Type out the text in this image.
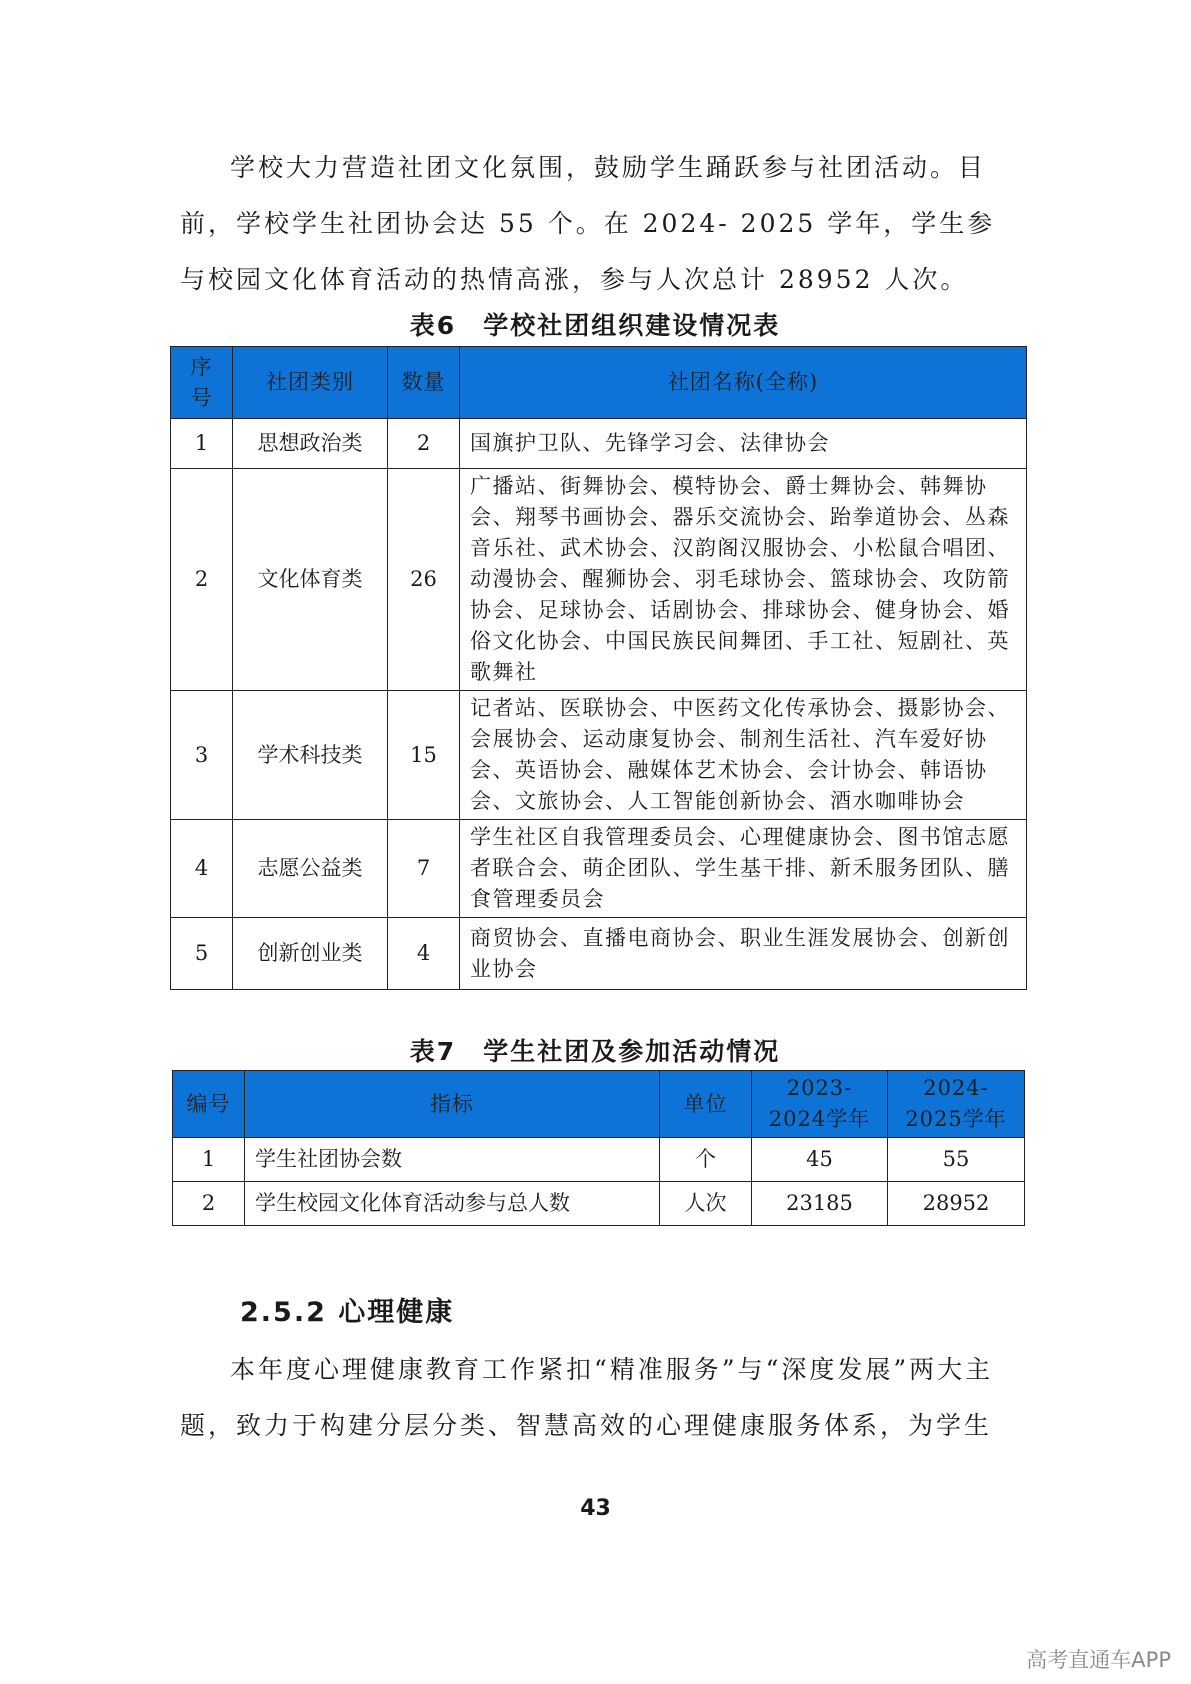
学校大力营造社团文化氛围，鼓励学生踊跃参与社团活动。目前，学校学生社团协会达 55 个。在 2024- 2025 学年，学生参与校园文化体育活动的热情高涨，参与人次总计 28952 人次。

表6　学校社团组织建设情况表
序号	社团类别	数量	社团名称(全称)
1	思想政治类	2	国旗护卫队、先锋学习会、法律协会
2	文化体育类	26	广播站、街舞协会、模特协会、爵士舞协会、韩舞协会、翔琴书画协会、器乐交流协会、跆拳道协会、丛森音乐社、武术协会、汉韵阁汉服协会、小松鼠合唱团、动漫协会、醒狮协会、羽毛球协会、篮球协会、攻防箭协会、足球协会、话剧协会、排球协会、健身协会、婚俗文化协会、中国民族民间舞团、手工社、短剧社、英歌舞社
3	学术科技类	15	记者站、医联协会、中医药文化传承协会、摄影协会、会展协会、运动康复协会、制剂生活社、汽车爱好协会、英语协会、融媒体艺术协会、会计协会、韩语协会、文旅协会、人工智能创新协会、酒水咖啡协会
4	志愿公益类	7	学生社区自我管理委员会、心理健康协会、图书馆志愿者联合会、萌企团队、学生基干排、新禾服务团队、膳食管理委员会
5	创新创业类	4	商贸协会、直播电商协会、职业生涯发展协会、创新创业协会
表7　学生社团及参加活动情况
编号	指标	单位	2023-2024学年	2024-2025学年
1	学生社团协会数	个	45	55
2	学生校园文化体育活动参与总人数	人次	23185	28952
2.5.2 心理健康

本年度心理健康教育工作紧扣“精准服务”与“深度发展”两大主题，致力于构建分层分类、智慧高效的心理健康服务体系，为学生

43
高考直通车APP
